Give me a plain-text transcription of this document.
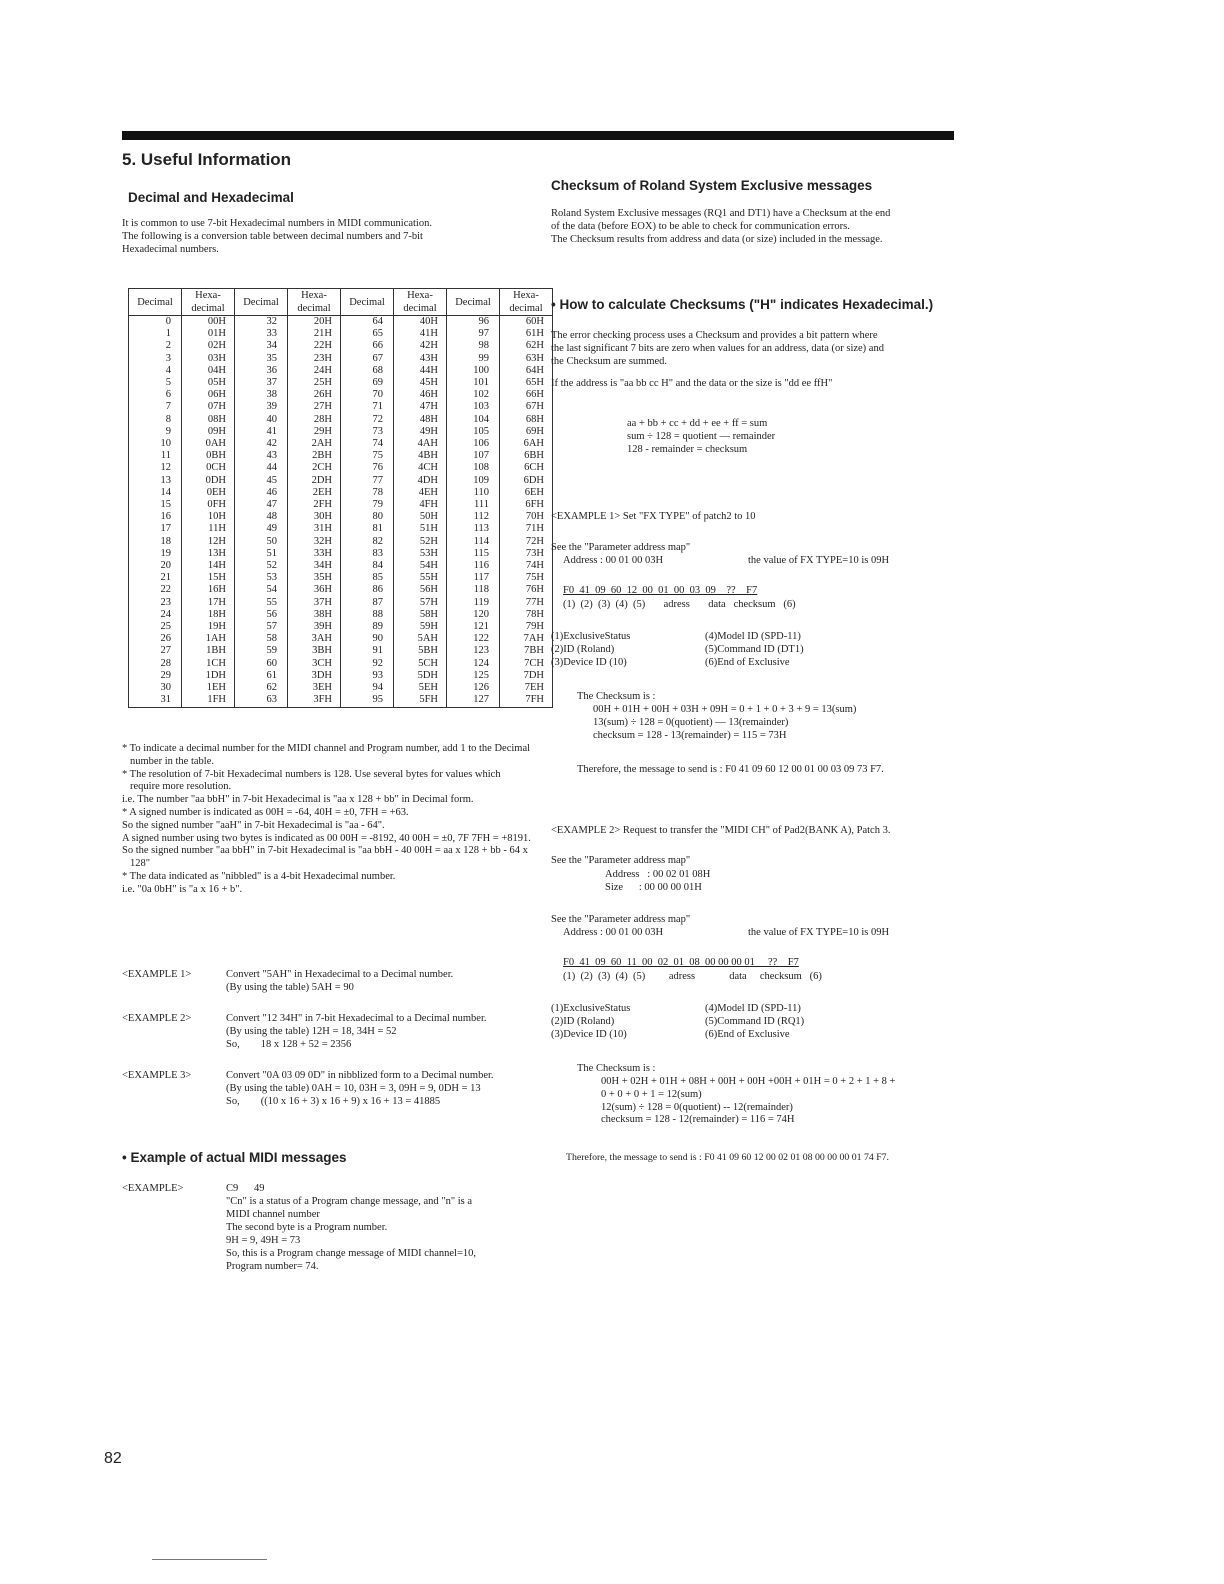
5. Useful Information
Decimal and Hexadecimal

It is common to use 7-bit Hexadecimal numbers in MIDI communication.

The following is a conversion table between decimal numbers and 7-bit

Hexadecimal numbers.

Decimal	Hexa- decimal	Decimal	Hexa- decimal	Decimal	Hexa- decimal	Decimal	Hexa- decimal
0	00H	32	20H	64	40H	96	60H
1	01H	33	21H	65	41H	97	61H
2	02H	34	22H	66	42H	98	62H
3	03H	35	23H	67	43H	99	63H
4	04H	36	24H	68	44H	100	64H
5	05H	37	25H	69	45H	101	65H
6	06H	38	26H	70	46H	102	66H
7	07H	39	27H	71	47H	103	67H
8	08H	40	28H	72	48H	104	68H
9	09H	41	29H	73	49H	105	69H
10	0AH	42	2AH	74	4AH	106	6AH
11	0BH	43	2BH	75	4BH	107	6BH
12	0CH	44	2CH	76	4CH	108	6CH
13	0DH	45	2DH	77	4DH	109	6DH
14	0EH	46	2EH	78	4EH	110	6EH
15	0FH	47	2FH	79	4FH	111	6FH
16	10H	48	30H	80	50H	112	70H
17	11H	49	31H	81	51H	113	71H
18	12H	50	32H	82	52H	114	72H
19	13H	51	33H	83	53H	115	73H
20	14H	52	34H	84	54H	116	74H
21	15H	53	35H	85	55H	117	75H
22	16H	54	36H	86	56H	118	76H
23	17H	55	37H	87	57H	119	77H
24	18H	56	38H	88	58H	120	78H
25	19H	57	39H	89	59H	121	79H
26	1AH	58	3AH	90	5AH	122	7AH
27	1BH	59	3BH	91	5BH	123	7BH
28	1CH	60	3CH	92	5CH	124	7CH
29	1DH	61	3DH	93	5DH	125	7DH
30	1EH	62	3EH	94	5EH	126	7EH
31	1FH	63	3FH	95	5FH	127	7FH
* To indicate a decimal number for the MIDI channel and Program number, add 1 to the Decimal number in the table.
* The resolution of 7-bit Hexadecimal numbers is 128. Use several bytes for values which require more resolution.
i.e. The number "aa bbH" in 7-bit Hexadecimal is "aa x 128 + bb" in Decimal form.
* A signed number is indicated as 00H = -64, 40H = ±0, 7FH = +63.
So the signed number "aaH" in 7-bit Hexadecimal is "aa - 64".
A signed number using two bytes is indicated as 00 00H = -8192, 40 00H = ±0, 7F 7FH = +8191.
So the signed number "aa bbH" in 7-bit Hexadecimal is "aa bbH - 40 00H = aa x 128 + bb - 64 x 128"
* The data indicated as "nibbled" is a 4-bit Hexadecimal number.
i.e. "0a 0bH" is "a x 16 + b".
<EXAMPLE 1>	Convert "5AH" in Hexadecimal to a Decimal number.

(By using the table) 5AH = 90

<EXAMPLE 2>	Convert "12 34H" in 7-bit Hexadecimal to a Decimal number.

(By using the table) 12H = 18, 34H = 52

So,        18 x 128 + 52 = 2356

<EXAMPLE 3>	Convert "0A 03 09 0D" in nibblized form to a Decimal number.

(By using the table) 0AH = 10, 03H = 3, 09H = 9, 0DH = 13

So,        ((10 x 16 + 3) x 16 + 9) x 16 + 13 = 41885

• Example of actual MIDI messages
<EXAMPLE>	C9      49

"Cn" is a status of a Program change message, and "n" is a

MIDI channel number

The second byte is a Program number.

9H = 9, 49H = 73

So, this is a Program change message of MIDI channel=10,

Program number= 74.

82
Checksum of Roland System Exclusive messages

Roland System Exclusive messages (RQ1 and DT1) have a Checksum at the end

of the data (before EOX) to be able to check for communication errors.

The Checksum results from address and data (or size) included in the message.

• How to calculate Checksums ("H" indicates Hexadecimal.)

The error checking process uses a Checksum and provides a bit pattern where

the last significant 7 bits are zero when values for an address, data (or size) and

the Checksum are summed.

If the address is "aa bb cc H" and the data or the size is "dd ee ffH"

aa + bb + cc + dd + ee + ff = sum

sum ÷ 128 = quotient — remainder

128 - remainder = checksum

<EXAMPLE 1> Set "FX TYPE" of patch2 to 10

See the "Parameter address map"

Address : 00 01 00 03H	the value of FX TYPE=10 is 09H

F0  41  09  60  12  00  01  00  03  09    ??    F7

(1)  (2)  (3)  (4)  (5)       adress       data   checksum   (6)

(1)ExclusiveStatus

(2)ID (Roland)

(3)Device ID (10)

(4)Model ID (SPD-11)

(5)Command ID (DT1)

(6)End of Exclusive

The Checksum is :

00H + 01H + 00H + 03H + 09H = 0 + 1 + 0 + 3 + 9 = 13(sum)

13(sum) ÷ 128 = 0(quotient) — 13(remainder)

checksum = 128 - 13(remainder) = 115 = 73H

Therefore, the message to send is : F0 41 09 60 12 00 01 00 03 09 73 F7.

<EXAMPLE 2> Request to transfer the "MIDI CH" of Pad2(BANK A), Patch 3.

See the "Parameter address map"

Address   : 00 02 01 08H

Size      : 00 00 00 01H

See the "Parameter address map"

Address : 00 01 00 03H	the value of FX TYPE=10 is 09H

F0  41  09  60  11  00  02  01  08  00 00 00 01     ??    F7

(1)  (2)  (3)  (4)  (5)         adress             data     checksum   (6)

(1)ExclusiveStatus

(2)ID (Roland)

(3)Device ID (10)

(4)Model ID (SPD-11)

(5)Command ID (RQ1)

(6)End of Exclusive

The Checksum is :

00H + 02H + 01H + 08H + 00H + 00H +00H + 01H = 0 + 2 + 1 + 8 +

0 + 0 + 0 + 1 = 12(sum)

12(sum) ÷ 128 = 0(quotient) -- 12(remainder)

checksum = 128 - 12(remainder) = 116 = 74H

Therefore, the message to send is : F0 41 09 60 12 00 02 01 08 00 00 00 01 74 F7.
